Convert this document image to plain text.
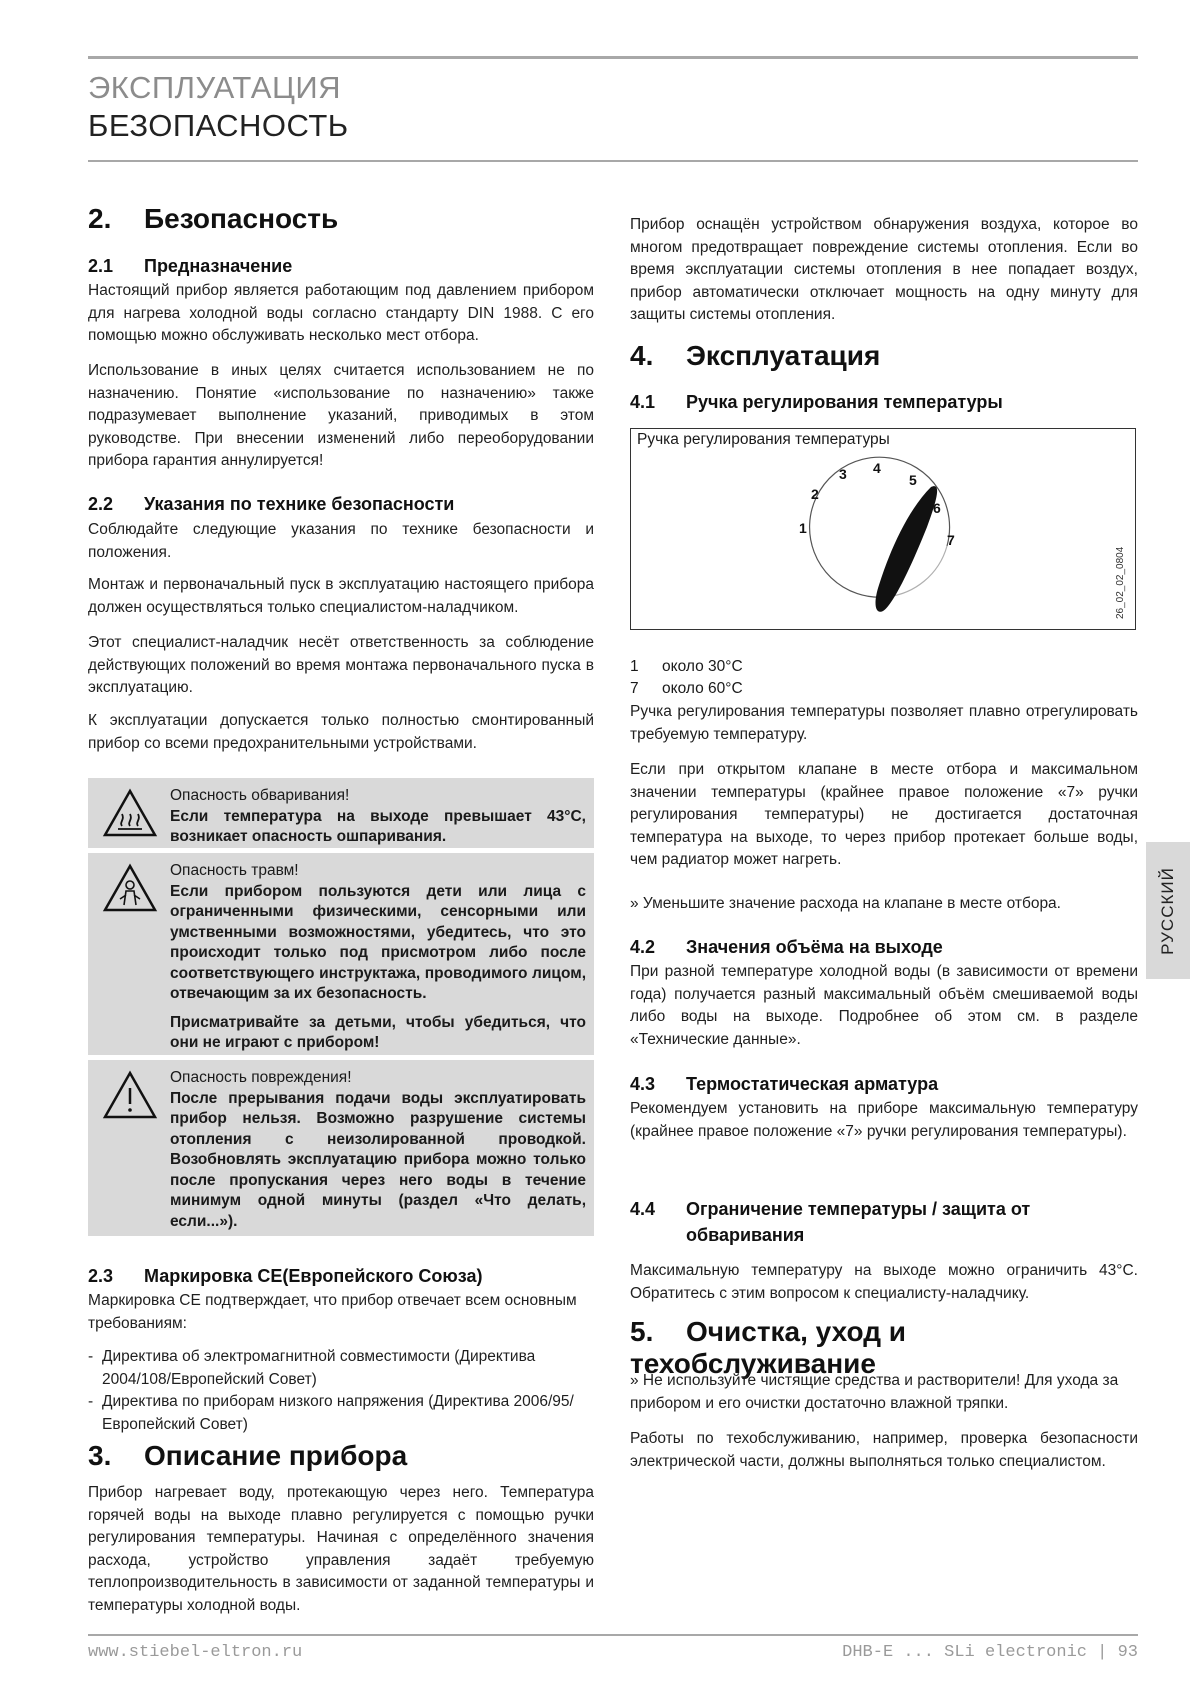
ЭКСПЛУАТАЦИЯ
БЕЗОПАСНОСТЬ
2. Безопасность
2.1 Предназначение
Настоящий прибор является работающим под давлением прибором для нагрева холодной воды согласно стандарту DIN 1988. С его помощью можно обслуживать несколько мест отбора.
Использование в иных целях считается использованием не по назначению. Понятие «использование по назначению» также подразумевает выполнение указаний, приводимых в этом руководстве. При внесении изменений либо переоборудовании прибора гарантия аннулируется!
2.2 Указания по технике безопасности
Соблюдайте следующие указания по технике безопасности и положения.
Монтаж и первоначальный пуск в эксплуатацию настоящего прибора должен осуществляться только специалистом-наладчиком.
Этот специалист-наладчик несёт ответственность за соблюдение действующих положений во время монтажа первоначального пуска в эксплуатацию.
К эксплуатации допускается только полностью смонтированный прибор со всеми предохранительными устройствами.
Опасность обваривания!
Если температура на выходе превышает 43°C, возникает опасность ошпаривания.
Опасность травм!
Если прибором пользуются дети или лица с ограниченными физическими, сенсорными или умственными возможностями, убедитесь, что это происходит только под присмотром либо после соответствующего инструктажа, проводимого лицом, отвечающим за их безопасность.
Присматривайте за детьми, чтобы убедиться, что они не играют с прибором!
Опасность повреждения!
После прерывания подачи воды эксплуатировать прибор нельзя. Возможно разрушение системы отопления с неизолированной проводкой. Возобновлять эксплуатацию прибора можно только после пропускания через него воды в течение минимум одной минуты (раздел «Что делать, если...»).
2.3 Маркировка CE(Европейского Союза)
Маркировка CE подтверждает, что прибор отвечает всем основным требованиям:
- Директива об электромагнитной совместимости (Директива 2004/108/Европейский Совет)
- Директива по приборам низкого напряжения (Директива 2006/95/Европейский Совет)
3. Описание прибора
Прибор нагревает воду, протекающую через него. Температура горячей воды на выходе плавно регулируется с помощью ручки регулирования температуры. Начиная с определённого значения расхода, устройство управления задаёт требуемую теплопроизводительность в зависимости от заданной температуры и температуры холодной воды.
Прибор оснащён устройством обнаружения воздуха, которое во многом предотвращает повреждение системы отопления. Если во время эксплуатации системы отопления в нее попадает воздух, прибор автоматически отключает мощность на одну минуту для защиты системы отопления.
4. Эксплуатация
4.1 Ручка регулирования температуры
Ручка регулирования температуры
1
2
3 4
5
6
7
26_02_02_0804
1 около 30°C
7 около 60°C
Ручка регулирования температуры позволяет плавно отрегулировать требуемую температуру.
Если при открытом клапане в месте отбора и максимальном значении температуры (крайнее правое положение «7» ручки регулирования температуры) не достигается достаточная температура на выходе, то через прибор протекает больше воды, чем радиатор может нагреть.
» Уменьшите значение расхода на клапане в месте отбора.
4.2 Значения объёма на выходе
При разной температуре холодной воды (в зависимости от времени года) получается разный максимальный объём смешиваемой воды либо воды на выходе. Подробнее об этом см. в разделе «Технические данные».
4.3 Термостатическая арматура
Рекомендуем установить на приборе максимальную температуру (крайнее правое положение «7» ручки регулирования температуры).
4.4 Ограничение температуры / защита от
обваривания
Максимальную температуру на выходе можно ограничить 43°C. Обратитесь с этим вопросом к специалисту-наладчику.
5. Очистка, уход и техобслуживание
» Не используйте чистящие средства и растворители! Для ухода за прибором и его очистки достаточно влажной тряпки.
Работы по техобслуживанию, например, проверка безопасности электрической части, должны выполняться только специалистом.
РУССКИЙ
www.stiebel-eltron.ru	DHB-E ... SLi electronic | 93
